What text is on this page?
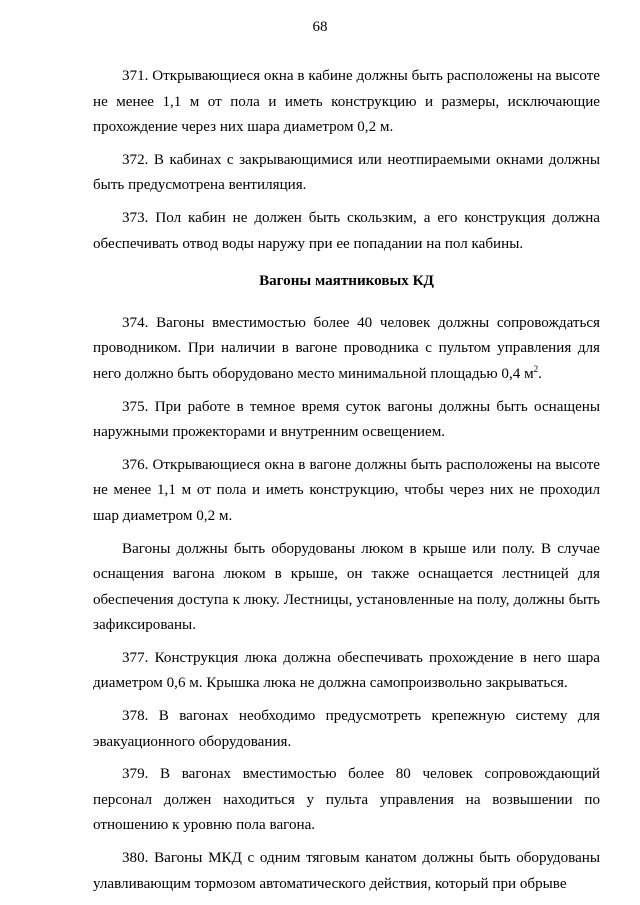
68

371. Открывающиеся окна в кабине должны быть расположены на высоте не менее 1,1 м от пола и иметь конструкцию и размеры, исключающие прохождение через них шара диаметром 0,2 м.

372. В кабинах с закрывающимися или неотпираемыми окнами должны быть предусмотрена вентиляция.

373. Пол кабин не должен быть скользким, а его конструкция должна обеспечивать отвод воды наружу при ее попадании на пол кабины.

Вагоны маятниковых КД

374. Вагоны вместимостью более 40 человек должны сопровождаться проводником. При наличии в вагоне проводника с пультом управления для него должно быть оборудовано место минимальной площадью 0,4 $м^2$.

375. При работе в темное время суток вагоны должны быть оснащены наружными прожекторами и внутренним освещением.

376. Открывающиеся окна в вагоне должны быть расположены на высоте не менее 1,1 м от пола и иметь конструкцию, чтобы через них не проходил шар диаметром 0,2 м.

Вагоны должны быть оборудованы люком в крыше или полу. В случае оснащения вагона люком в крыше, он также оснащается лестницей для обеспечения доступа к люку. Лестницы, установленные на полу, должны быть зафиксированы.

377. Конструкция люка должна обеспечивать прохождение в него шара диаметром 0,6 м. Крышка люка не должна самопроизвольно закрываться.

378. В вагонах необходимо предусмотреть крепежную систему для эвакуационного оборудования.

379. В вагонах вместимостью более 80 человек сопровождающий персонал должен находиться у пульта управления на возвышении по отношению к уровню пола вагона.

380. Вагоны МКД с одним тяговым канатом должны быть оборудованы улавливающим тормозом автоматического действия, который при обрыве
